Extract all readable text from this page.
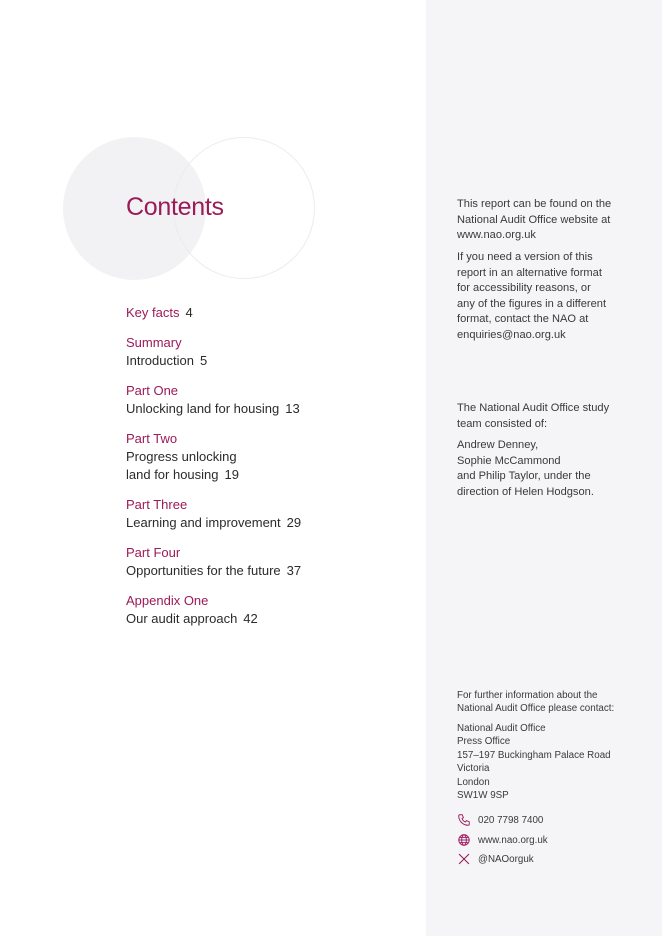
Contents
Key facts 4
Summary
Introduction 5
Part One
Unlocking land for housing 13
Part Two
Progress unlocking
land for housing 19
Part Three
Learning and improvement 29
Part Four
Opportunities for the future 37
Appendix One
Our audit approach 42
This report can be found on the
National Audit Office website at
www.nao.org.uk
If you need a version of this
report in an alternative format
for accessibility reasons, or
any of the figures in a different
format, contact the NAO at
enquiries@nao.org.uk
The National Audit Office study
team consisted of:
Andrew Denney,
Sophie McCammond
and Philip Taylor, under the
direction of Helen Hodgson.
For further information about the
National Audit Office please contact:
National Audit Office
Press Office
157–197 Buckingham Palace Road
Victoria
London
SW1W 9SP
020 7798 7400
www.nao.org.uk
@NAOorguk
